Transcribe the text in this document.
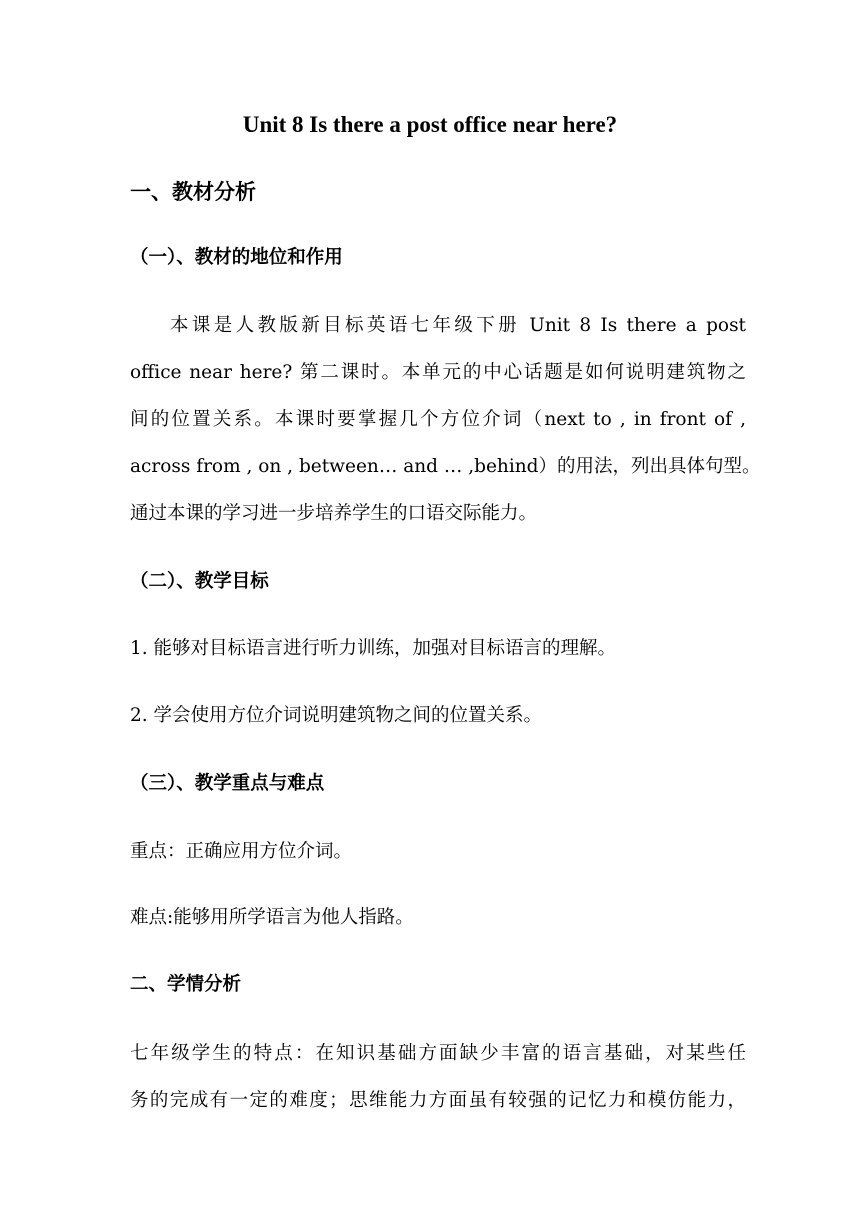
Unit 8 Is there a post office near here?
一、教材分析
（一）、教材的地位和作用
本课是人教版新目标英语七年级下册 Unit 8 Is there a post
office near here? 第二课时。本单元的中心话题是如何说明建筑物之
间的位置关系。本课时要掌握几个方位介词（next to , in front of ,
across from , on , between… and … ,behind）的用法，列出具体句型。
通过本课的学习进一步培养学生的口语交际能力。
（二）、教学目标
1. 能够对目标语言进行听力训练，加强对目标语言的理解。
2. 学会使用方位介词说明建筑物之间的位置关系。
（三）、教学重点与难点
重点：正确应用方位介词。
难点:能够用所学语言为他人指路。
二、学情分析
七年级学生的特点：在知识基础方面缺少丰富的语言基础，对某些任
务的完成有一定的难度；思维能力方面虽有较强的记忆力和模仿能力，
